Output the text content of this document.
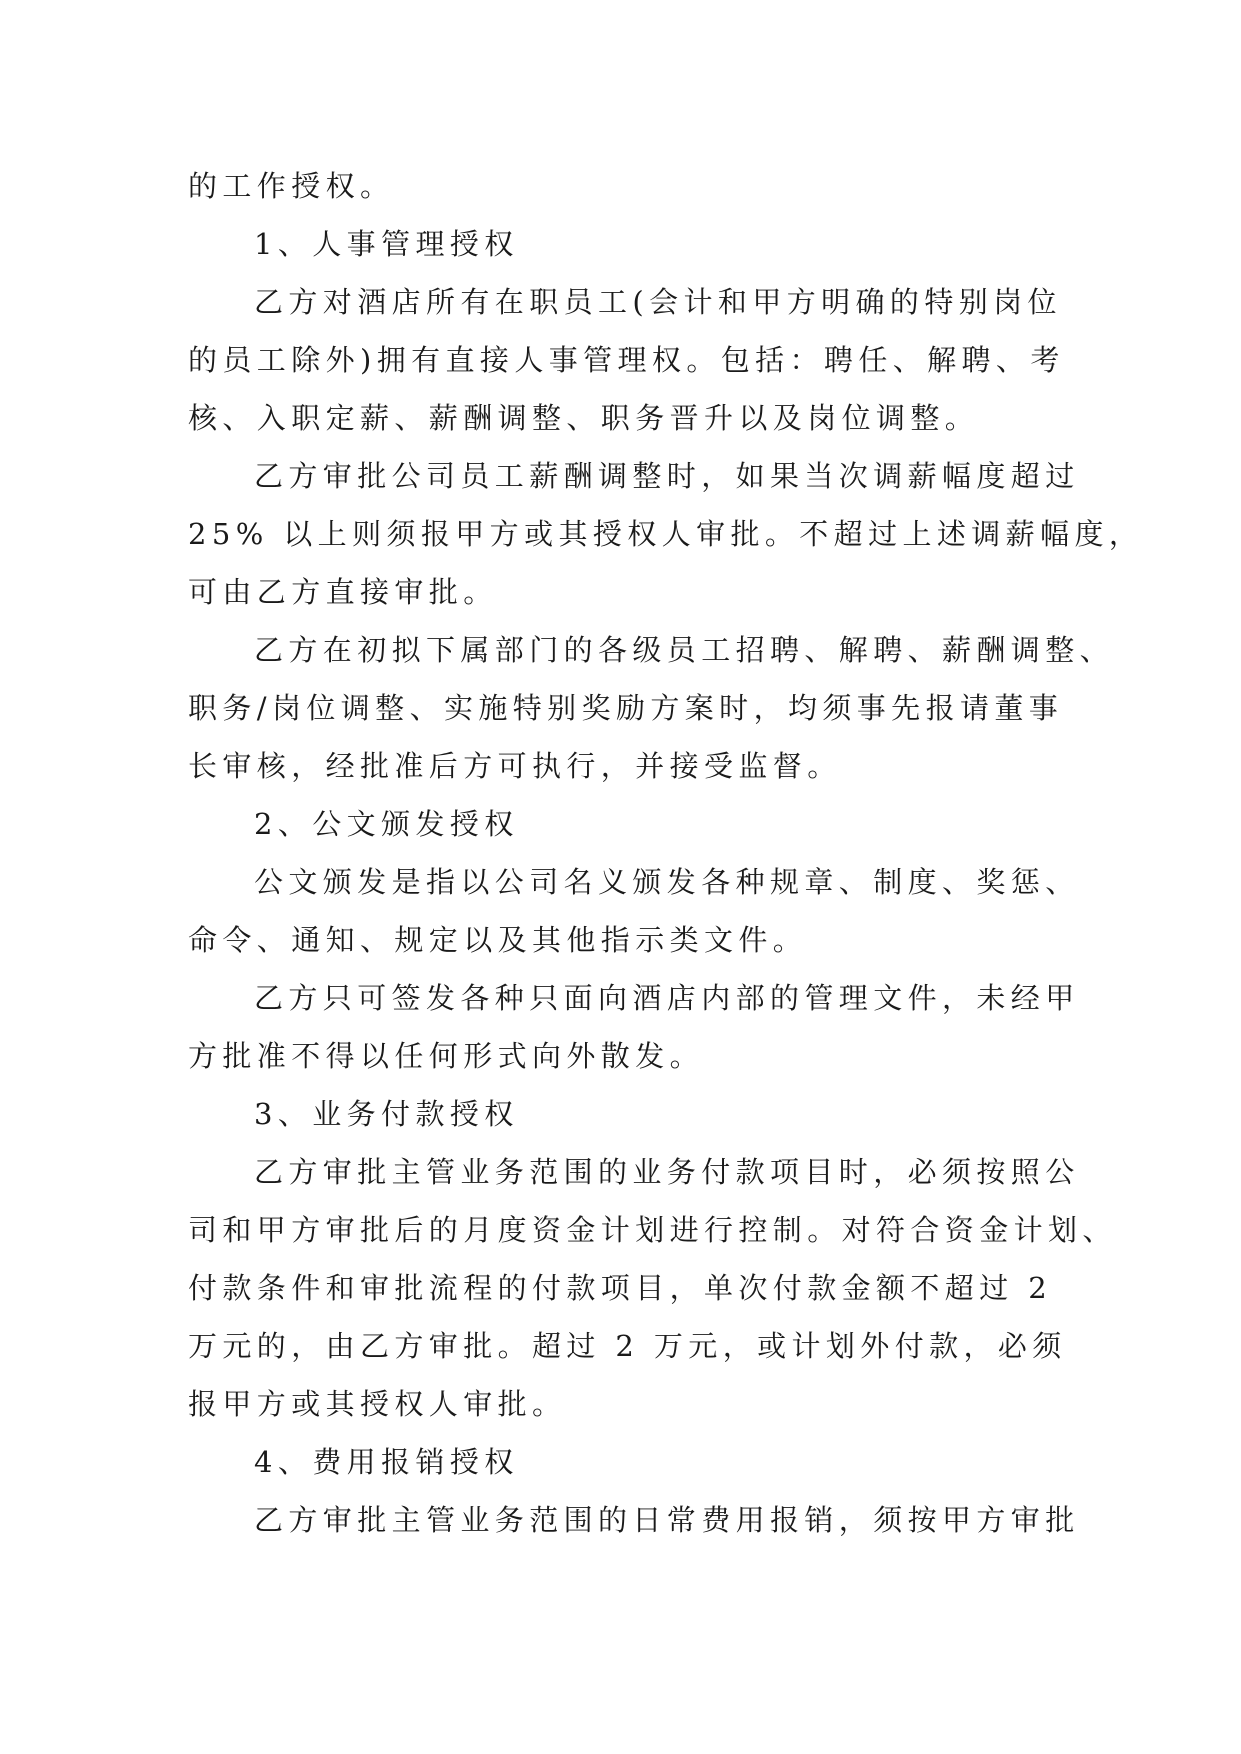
的工作授权。
1、人事管理授权
乙方对酒店所有在职员工(会计和甲方明确的特别岗位
的员工除外)拥有直接人事管理权。包括：聘任、解聘、考
核、入职定薪、薪酬调整、职务晋升以及岗位调整。
乙方审批公司员工薪酬调整时，如果当次调薪幅度超过
25% 以上则须报甲方或其授权人审批。不超过上述调薪幅度，
可由乙方直接审批。
乙方在初拟下属部门的各级员工招聘、解聘、薪酬调整、
职务/岗位调整、实施特别奖励方案时，均须事先报请董事
长审核，经批准后方可执行，并接受监督。
2、公文颁发授权
公文颁发是指以公司名义颁发各种规章、制度、奖惩、
命令、通知、规定以及其他指示类文件。
乙方只可签发各种只面向酒店内部的管理文件，未经甲
方批准不得以任何形式向外散发。
3、业务付款授权
乙方审批主管业务范围的业务付款项目时，必须按照公
司和甲方审批后的月度资金计划进行控制。对符合资金计划、
付款条件和审批流程的付款项目，单次付款金额不超过 2
万元的，由乙方审批。超过 2 万元，或计划外付款，必须
报甲方或其授权人审批。
4、费用报销授权
乙方审批主管业务范围的日常费用报销，须按甲方审批
